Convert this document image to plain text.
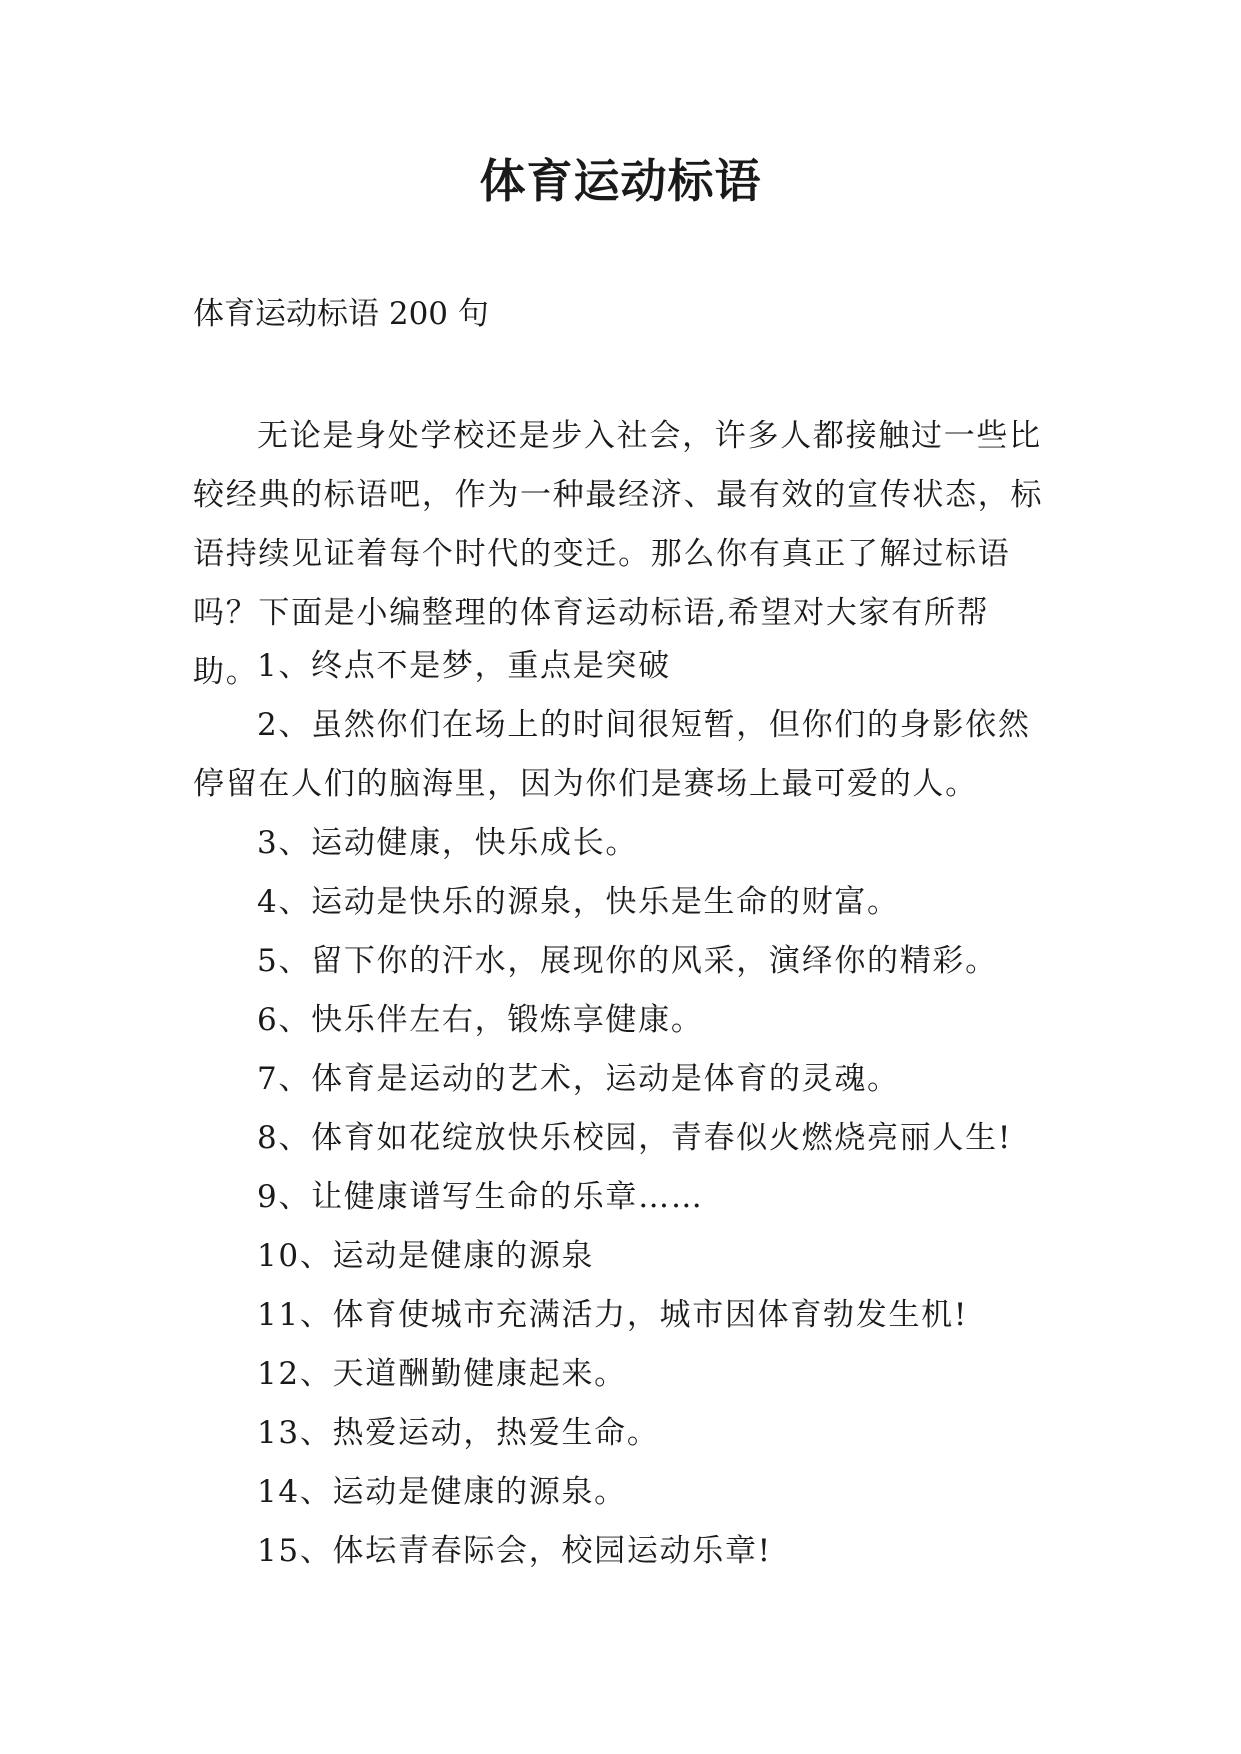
体育运动标语
体育运动标语 200 句
无论是身处学校还是步入社会，许多人都接触过一些比
较经典的标语吧，作为一种最经济、最有效的宣传状态，标
语持续见证着每个时代的变迁。那么你有真正了解过标语
吗？下面是小编整理的体育运动标语,希望对大家有所帮助。
1、终点不是梦，重点是突破
2、虽然你们在场上的时间很短暂，但你们的身影依然
停留在人们的脑海里，因为你们是赛场上最可爱的人。
3、运动健康，快乐成长。
4、运动是快乐的源泉，快乐是生命的财富。
5、留下你的汗水，展现你的风采，演绎你的精彩。
6、快乐伴左右，锻炼享健康。
7、体育是运动的艺术，运动是体育的灵魂。
8、体育如花绽放快乐校园，青春似火燃烧亮丽人生!
9、让健康谱写生命的乐章……
10、运动是健康的源泉
11、体育使城市充满活力，城市因体育勃发生机!
12、天道酬勤健康起来。
13、热爱运动，热爱生命。
14、运动是健康的源泉。
15、体坛青春际会，校园运动乐章!
